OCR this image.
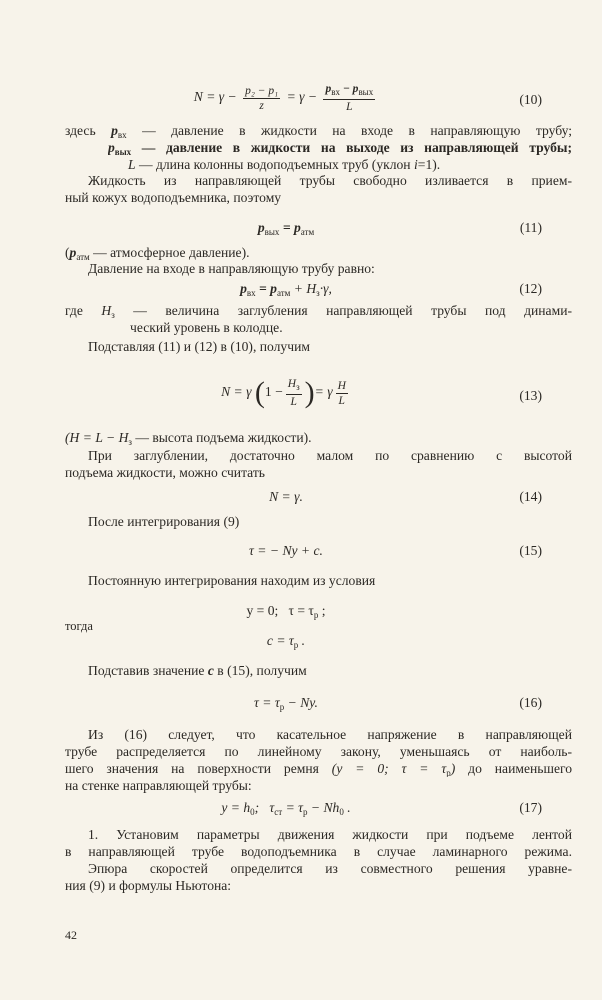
$N = \gamma - \frac{\text{p₂ − p₁}}{z} = \gamma$ −
$p_{вх} - p_{вых}$
L	(10)
здесь $p_{вх}$ — давление в жидкости на входе в направляющую трубу;
$p_{вых}$ — давление в жидкости на выходе из направляющей трубы;
L — длина колонны водоподъемных труб (уклон i=1).
Жидкость из направляющей трубы свободно изливается в прием-
ный кожух водоподъемника, поэтому
$p_{вых} = p_{атм}$	(11)
($p_{атм}$ — атмосферное давление).
Давление на входе в направляющую трубу равно:
$p_{вх} = p_{атм} + H_з\cdot\gamma$,	(12)
где $H_з$ — величина заглубления направляющей трубы под динами-
ческий уровень в колодце.
Подставляя (11) и (12) в (10), получим
N = γ (1 −
$H_з$
L )= γ $\frac{H}{L}$	(13)
($H = L - H_з$ — высота подъема жидкости).
При заглублении, достаточно малом по сравнению с высотой
подъема жидкости, можно считать
N = γ.	(14)
После интегрирования (9)
τ = − Ny + c.	(15)
Постоянную интегрирования находим из условия
y = 0;   $\tau = \tau_р$ ;
тогда
$c = \tau_р$ .
Подставив значение c в (15), получим
$\tau = \tau_р - Ny$.	(16)
Из (16) следует, что касательное напряжение в направляющей
трубе распределяется по линейному закону, уменьшаясь от наиболь-
шего значения на поверхности ремня (y = 0; $\tau = \tau_р$) до наименьшего
на стенке направляющей трубы:
$y = h_0$;   $\tau_{ст} = \tau_р - Nh_0$ .	(17)
1. Установим параметры движения жидкости при подъеме лентой
в направляющей трубе водоподъемника в случае ламинарного режима.
Эпюра скоростей определится из совместного решения уравне-
ния (9) и формулы Ньютона:
42
